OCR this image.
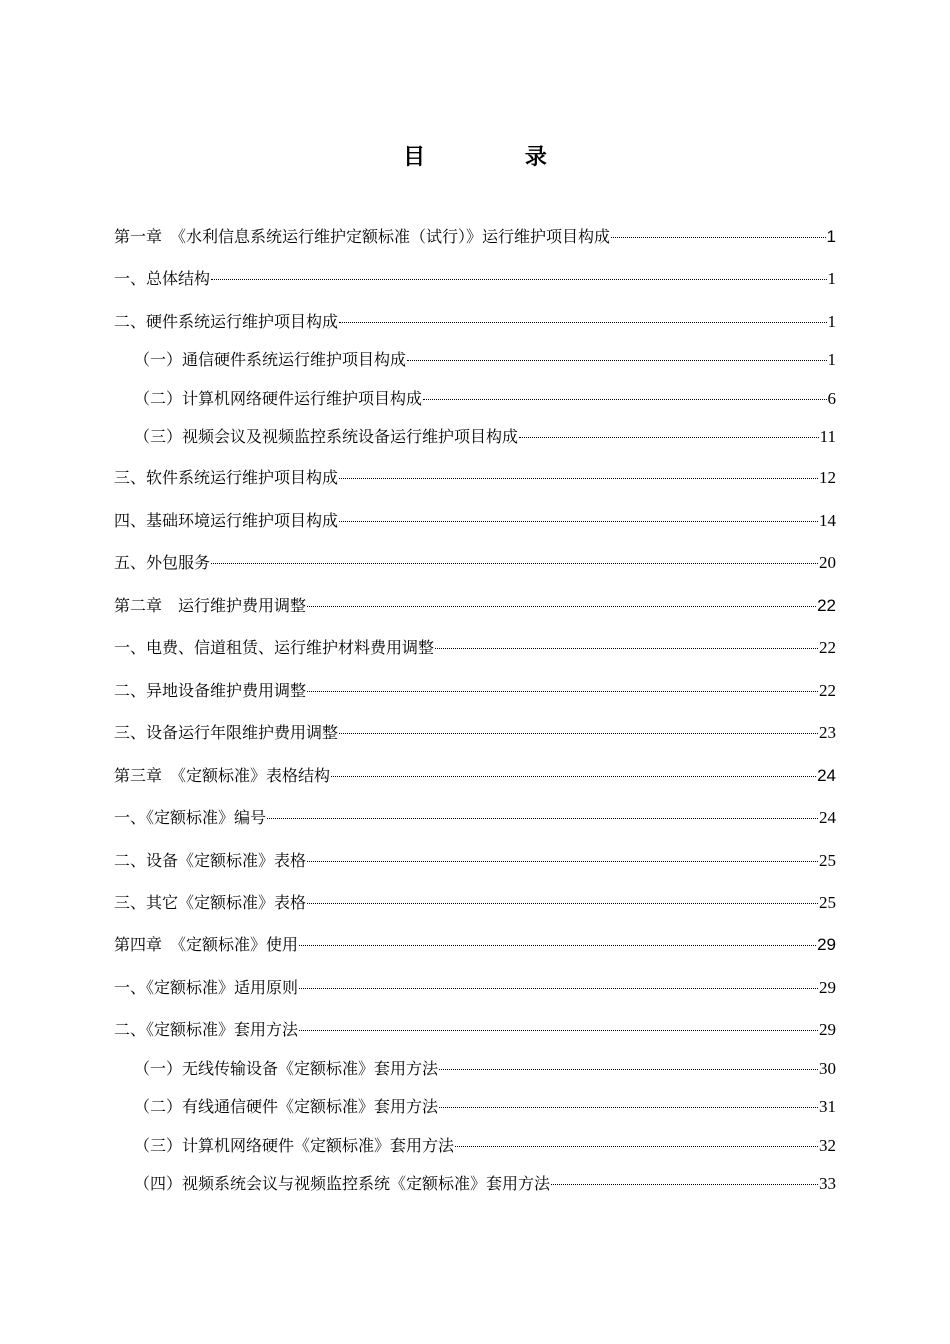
目 录
第一章　《水利信息系统运行维护定额标准（试行）》运行维护项目构成	1
一、总体结构	1
二、硬件系统运行维护项目构成	1
（一）通信硬件系统运行维护项目构成	1
（二）计算机网络硬件运行维护项目构成	6
（三）视频会议及视频监控系统设备运行维护项目构成	11
三、软件系统运行维护项目构成	12
四、基础环境运行维护项目构成	14
五、外包服务	20
第二章　运行维护费用调整	22
一、电费、信道租赁、运行维护材料费用调整	22
二、异地设备维护费用调整	22
三、设备运行年限维护费用调整	23
第三章　《定额标准》表格结构	24
一、《定额标准》编号	24
二、设备《定额标准》表格	25
三、其它《定额标准》表格	25
第四章　《定额标准》使用	29
一、《定额标准》适用原则	29
二、《定额标准》套用方法	29
（一）无线传输设备《定额标准》套用方法	30
（二）有线通信硬件《定额标准》套用方法	31
（三）计算机网络硬件《定额标准》套用方法	32
（四）视频系统会议与视频监控系统《定额标准》套用方法	33
